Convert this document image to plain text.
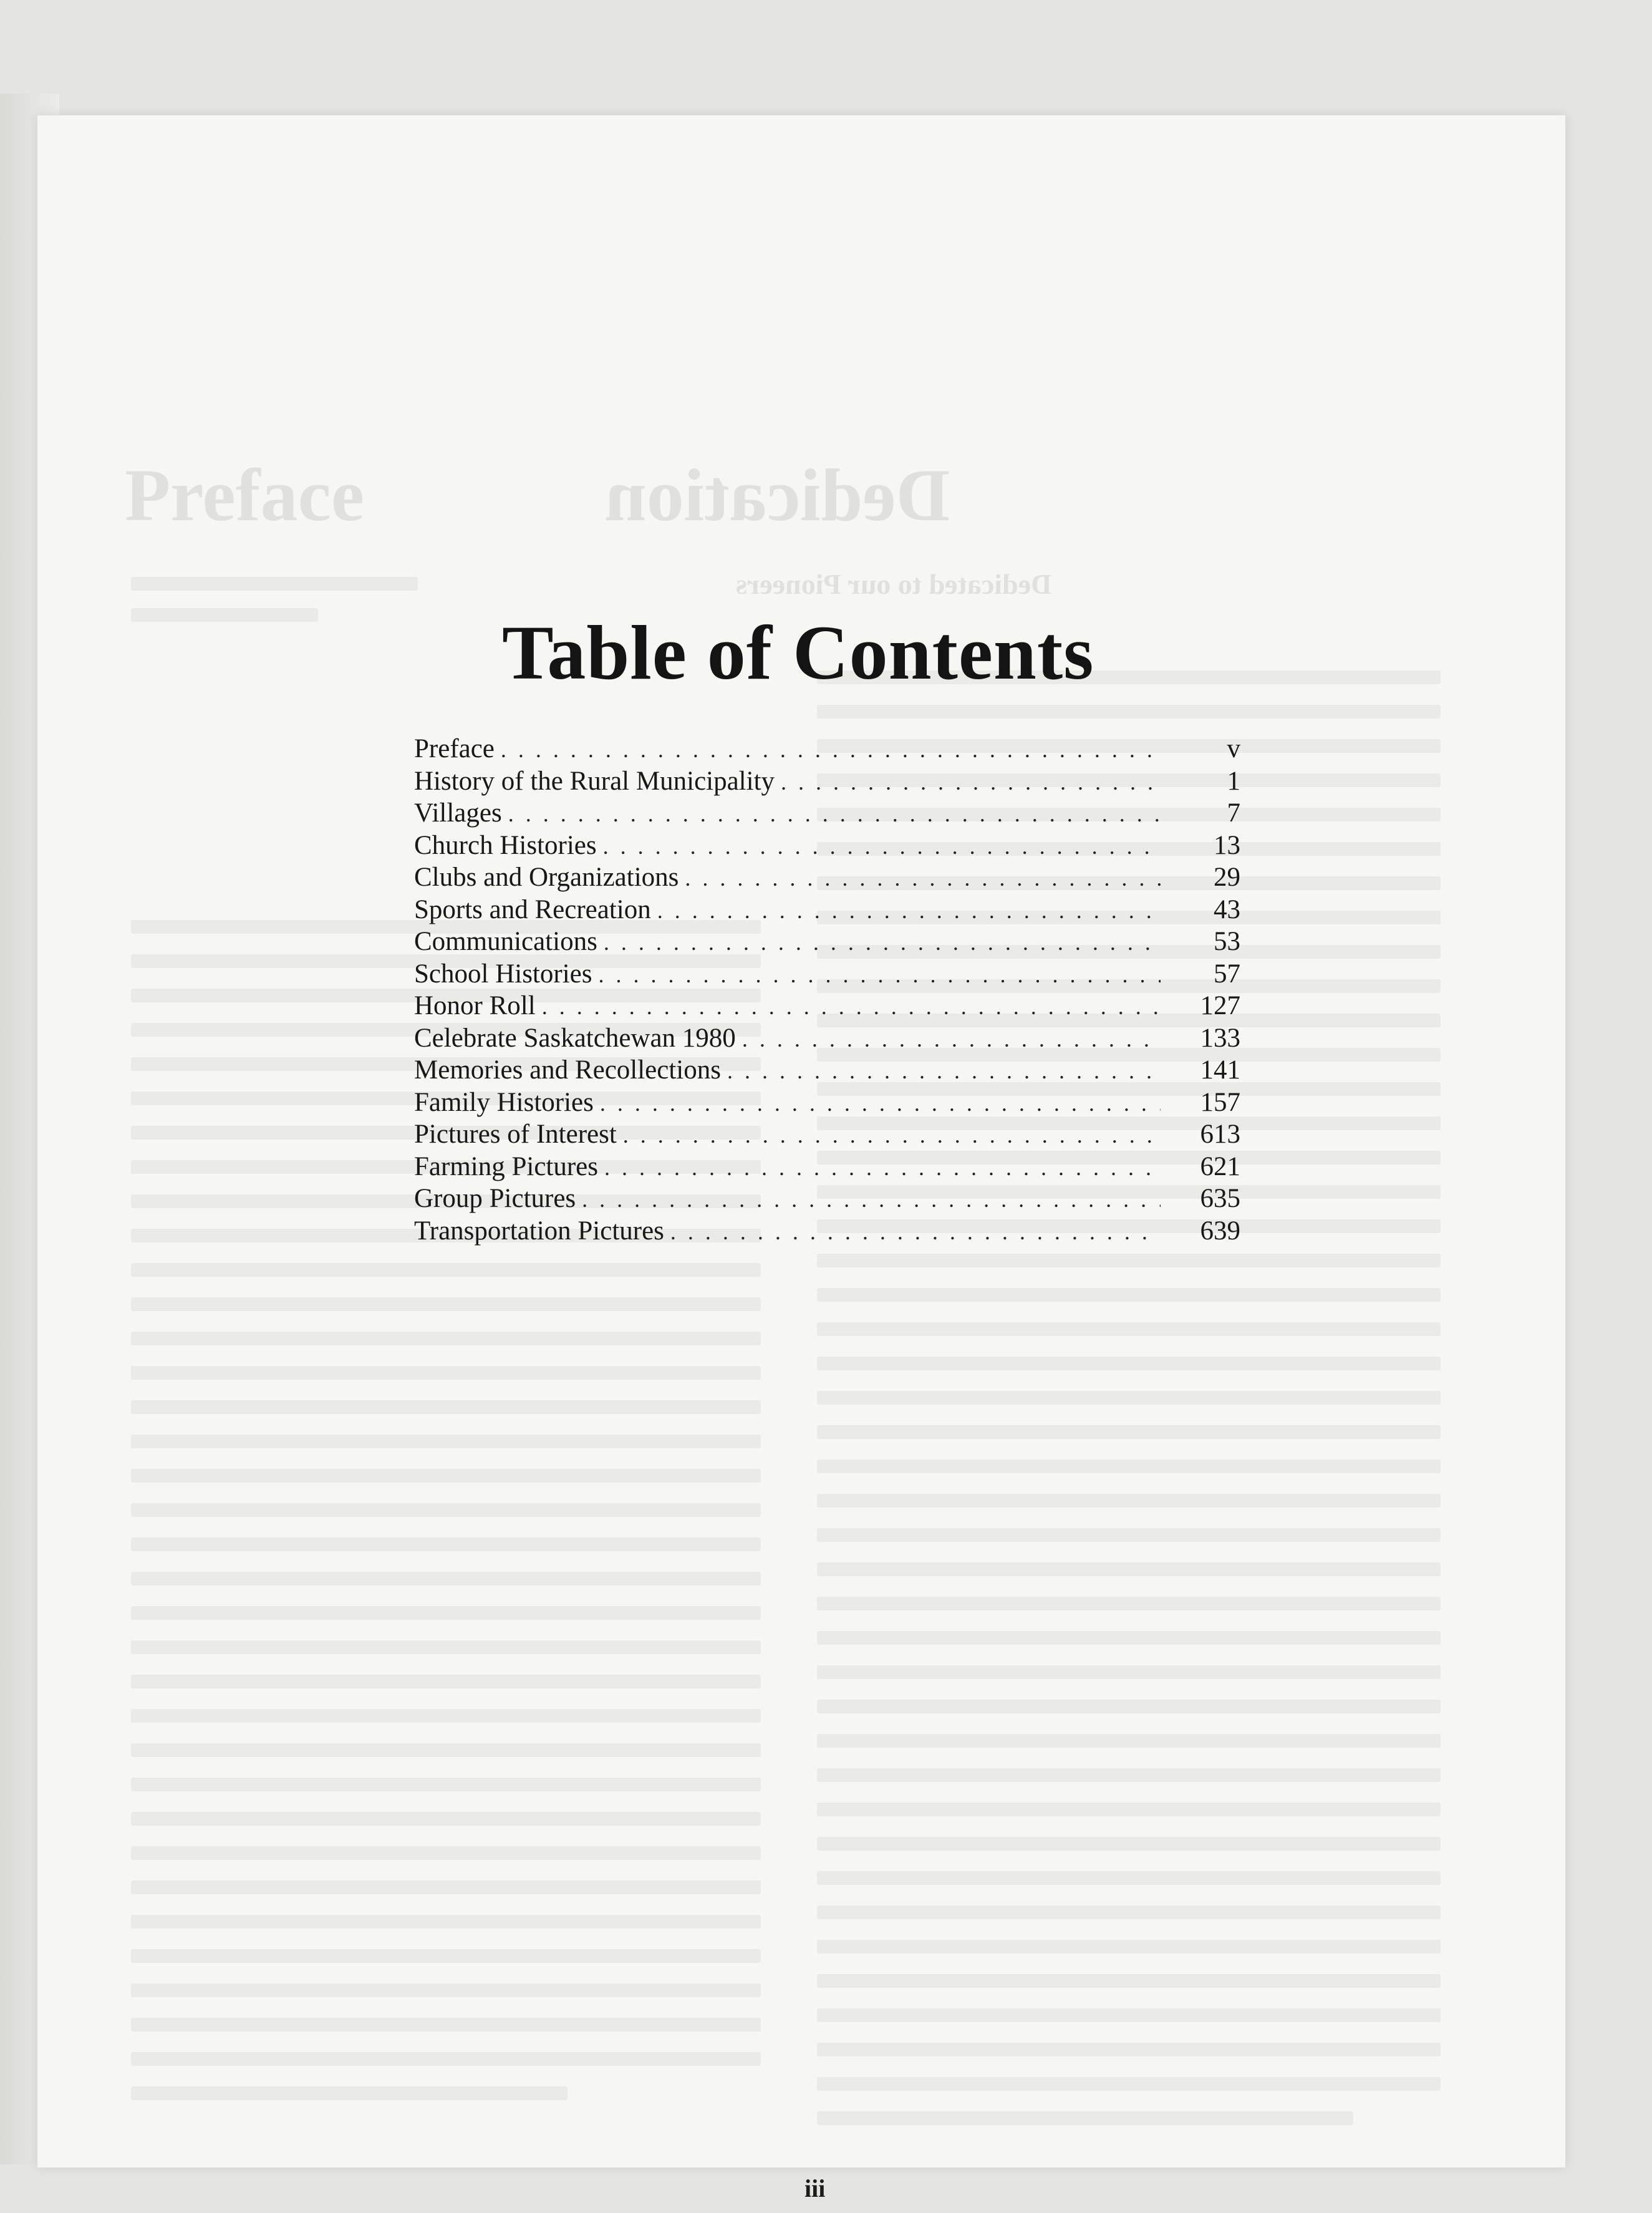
Preface	Dedication
Dedicated to our Pioneers
Table of Contents
Preface . . .	v
History of the Rural Municipality . . .	1
Villages . . .	7
Church Histories . . .	13
Clubs and Organizations . . .	29
Sports and Recreation . . .	43
Communications . . .	53
School Histories . . .	57
Honor Roll . . .	127
Celebrate Saskatchewan 1980 . . .	133
Memories and Recollections . . .	141
Family Histories . . .	157
Pictures of Interest . . .	613
Farming Pictures . . .	621
Group Pictures . . .	635
Transportation Pictures . . .	639
iii
